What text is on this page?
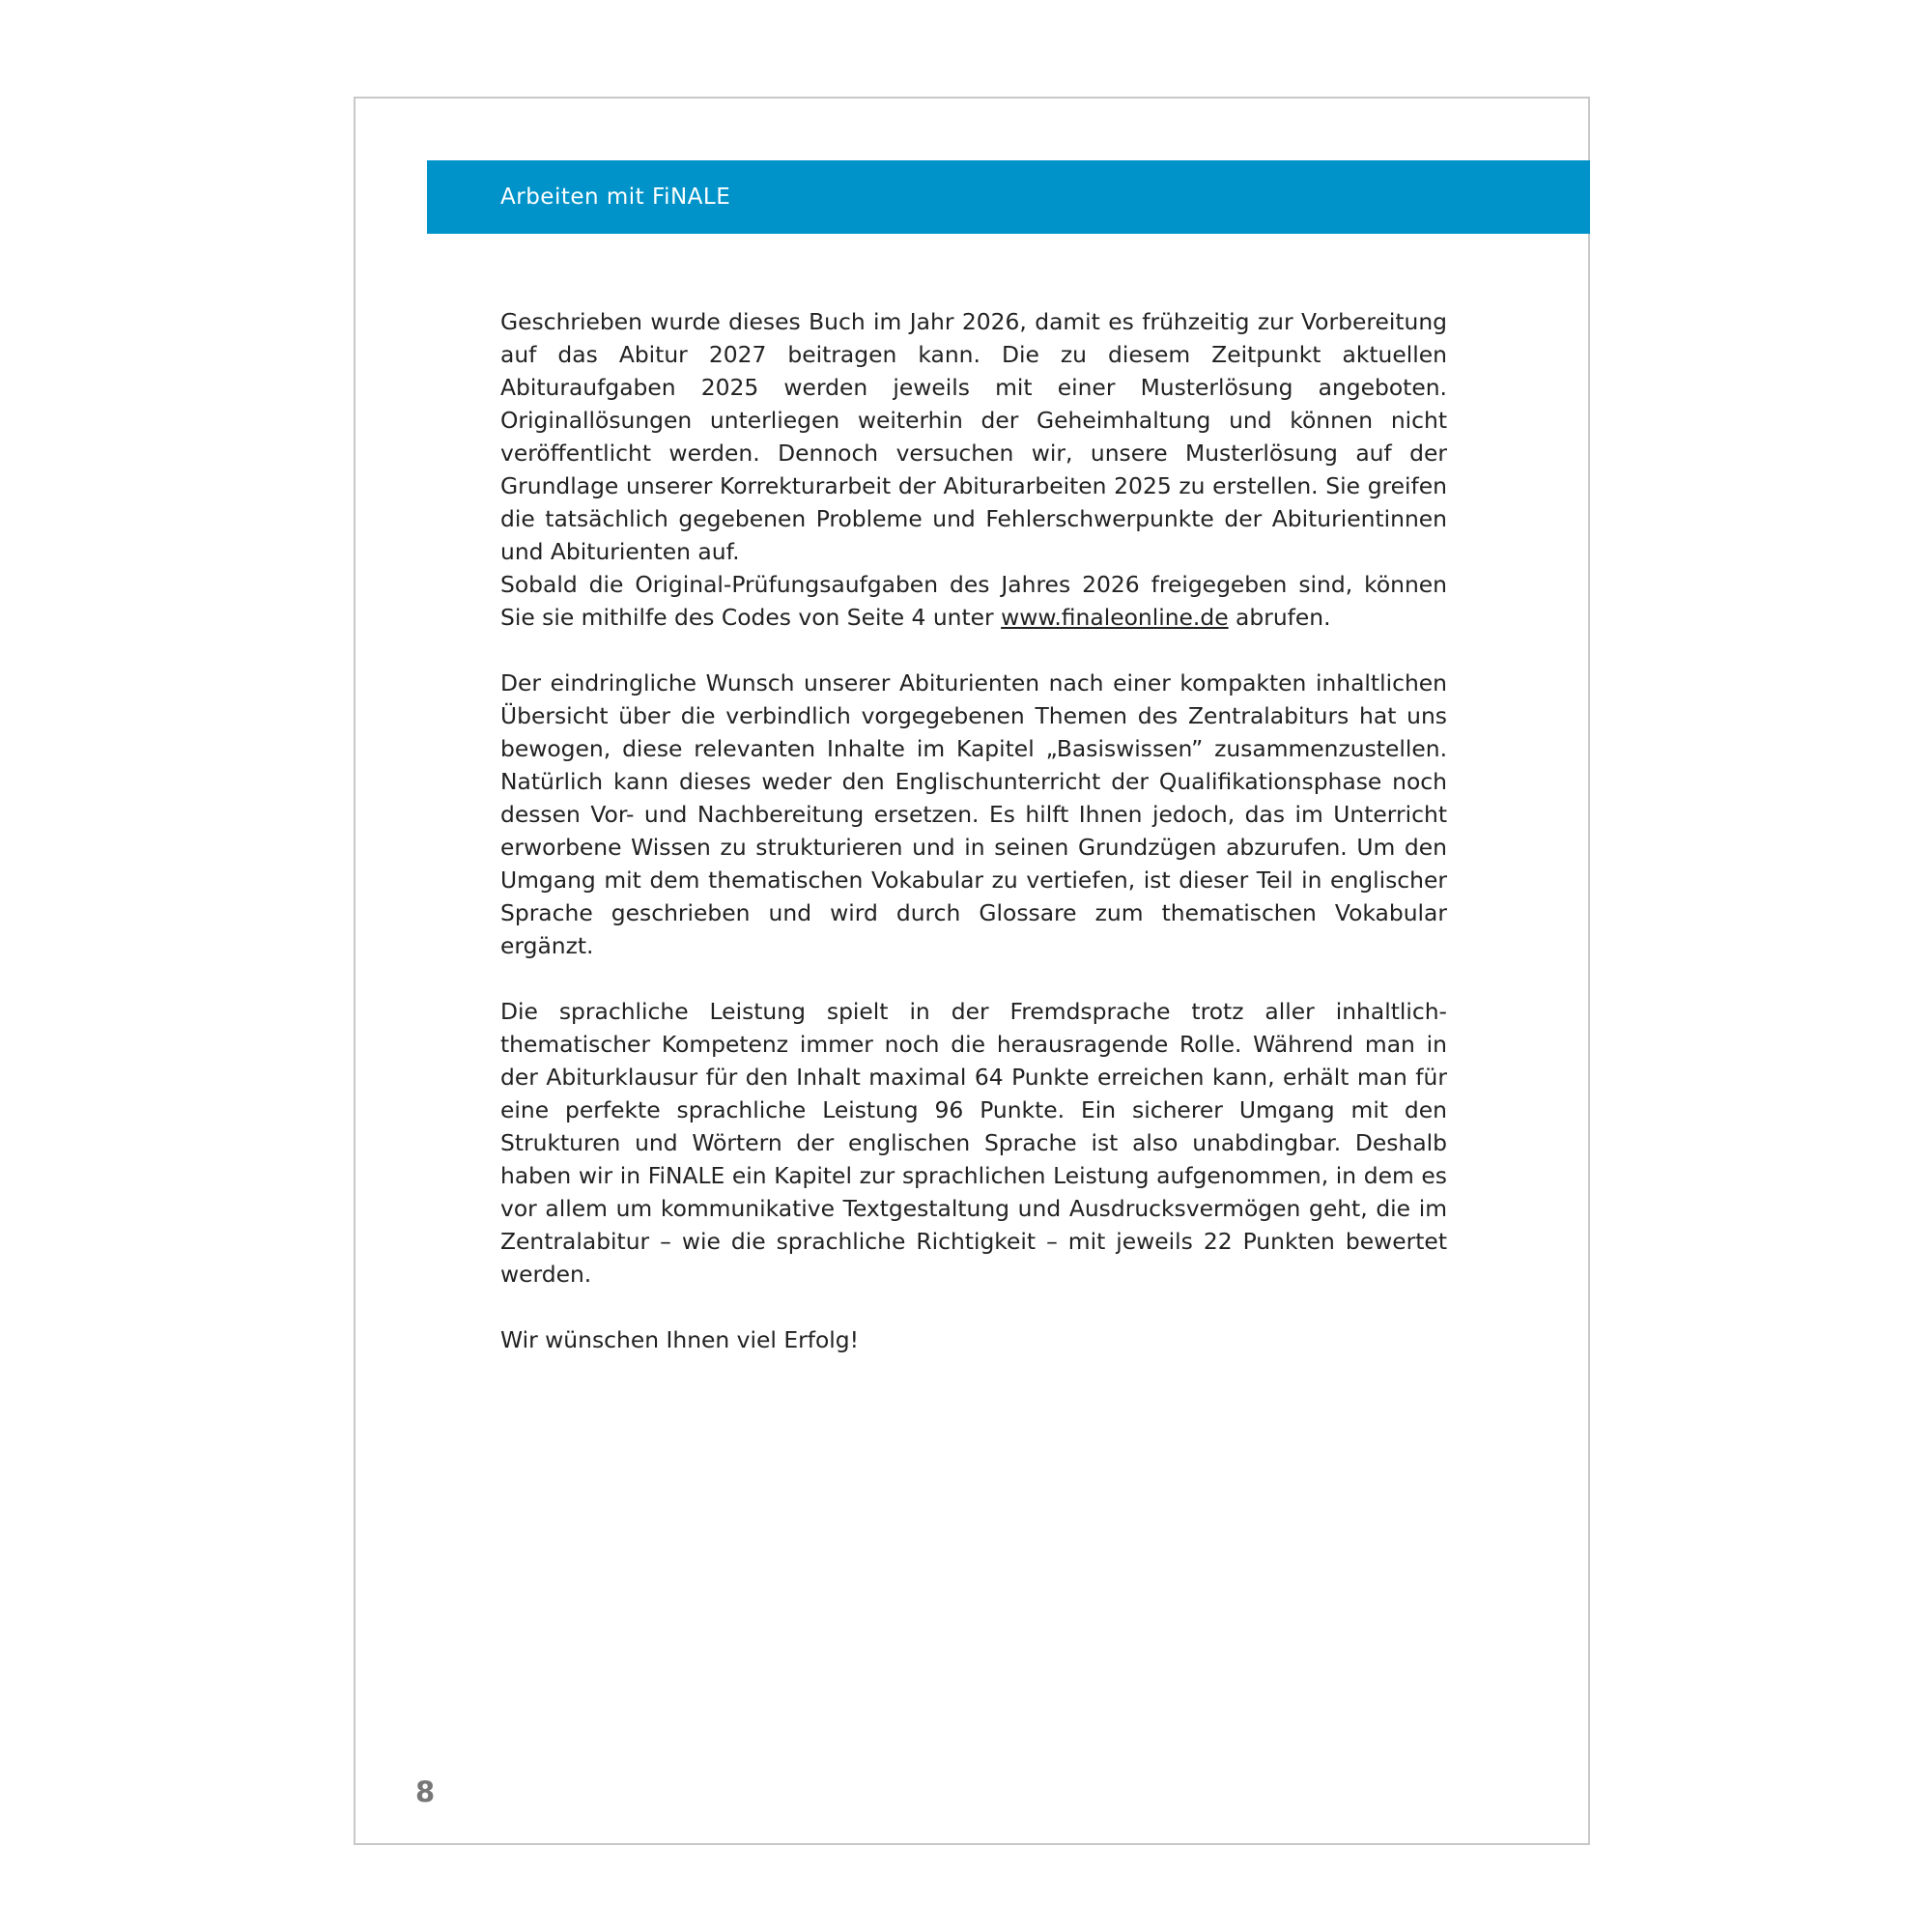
Arbeiten mit FiNALE

Geschrieben wurde dieses Buch im Jahr 2026, damit es frühzeitig zur Vorbereitung auf das Abitur 2027 beitragen kann. Die zu diesem Zeitpunkt aktuellen Abituraufgaben 2025 werden jeweils mit einer Musterlösung angeboten. Originallösungen unterliegen weiterhin der Geheimhaltung und können nicht veröffentlicht werden. Dennoch versuchen wir, unsere Musterlösung auf der Grundlage unserer Korrekturarbeit der Abiturarbeiten 2025 zu erstellen. Sie greifen die tatsächlich gegebenen Probleme und Fehlerschwerpunkte der Abiturientinnen und Abiturienten auf.

Sobald die Original-Prüfungsaufgaben des Jahres 2026 freigegeben sind, können Sie sie mithilfe des Codes von Seite 4 unter www.finaleonline.de abrufen.

Der eindringliche Wunsch unserer Abiturienten nach einer kompakten inhaltlichen Übersicht über die verbindlich vorgegebenen Themen des Zentralabiturs hat uns bewogen, diese relevanten Inhalte im Kapitel „Basiswissen” zusammenzustellen. Natürlich kann dieses weder den Englischunterricht der Qualifikationsphase noch dessen Vor- und Nachbereitung ersetzen. Es hilft Ihnen jedoch, das im Unterricht erworbene Wissen zu strukturieren und in seinen Grundzügen abzurufen. Um den Umgang mit dem thematischen Vokabular zu vertiefen, ist dieser Teil in englischer Sprache geschrieben und wird durch Glossare zum thematischen Vokabular ergänzt.

Die sprachliche Leistung spielt in der Fremdsprache trotz aller inhaltlich-thematischer Kompetenz immer noch die herausragende Rolle. Während man in der Abiturklausur für den Inhalt maximal 64 Punkte erreichen kann, erhält man für eine perfekte sprachliche Leistung 96 Punkte. Ein sicherer Umgang mit den Strukturen und Wörtern der englischen Sprache ist also unabdingbar. Deshalb haben wir in FiNALE ein Kapitel zur sprachlichen Leistung aufgenommen, in dem es vor allem um kommunikative Textgestaltung und Ausdrucksvermögen geht, die im Zentralabitur – wie die sprachliche Richtigkeit – mit jeweils 22 Punkten bewertet werden.

Wir wünschen Ihnen viel Erfolg!

8
